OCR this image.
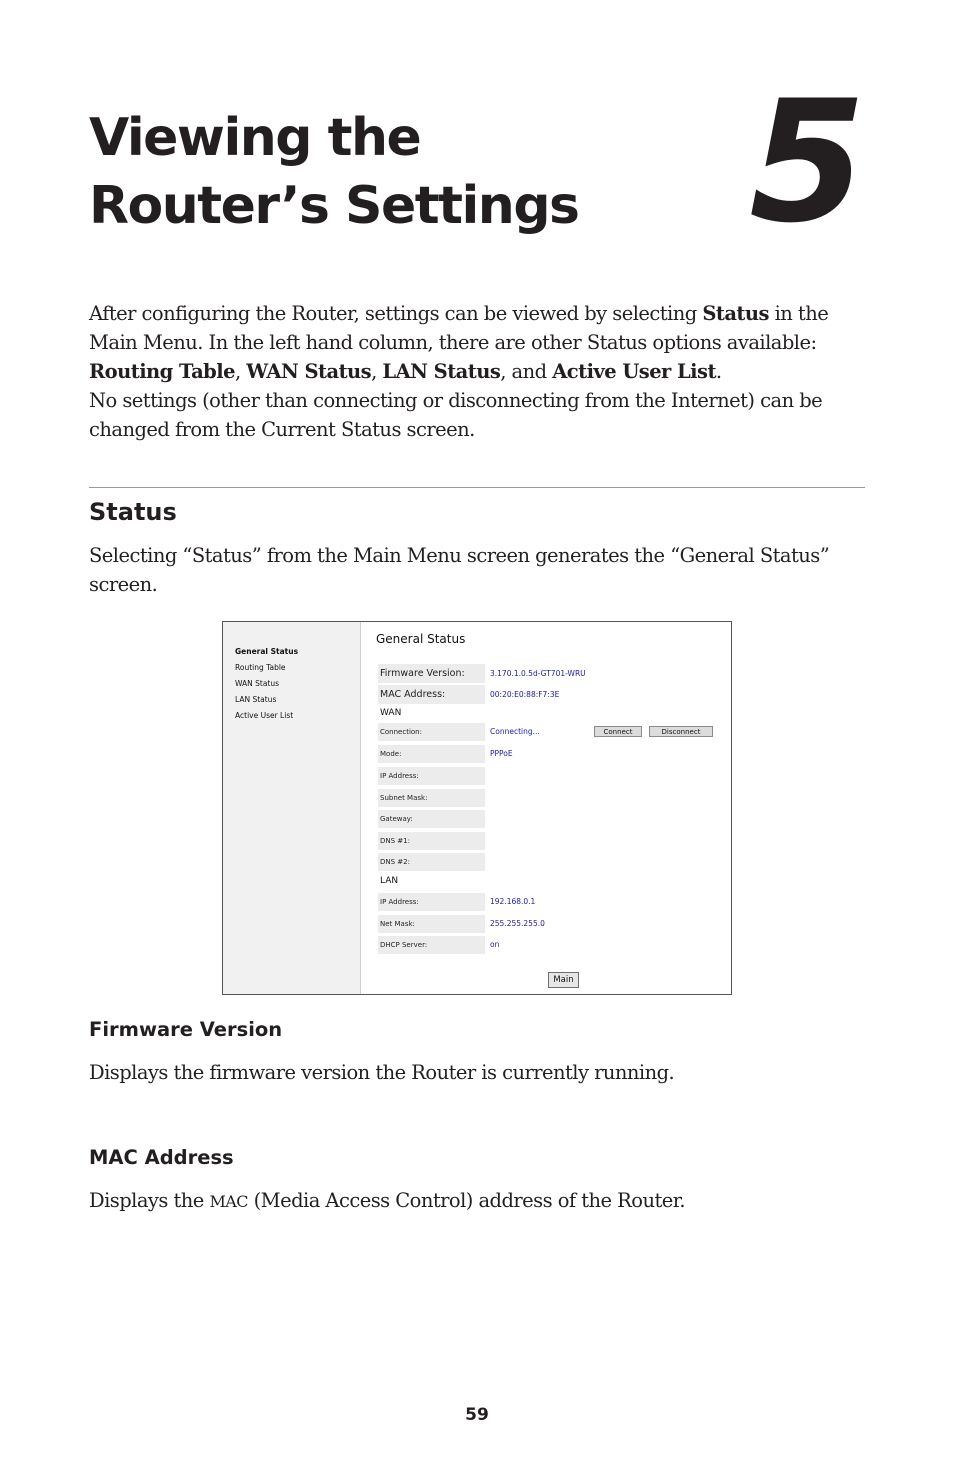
Viewing the
Router’s Settings 5

After configuring the Router, settings can be viewed by selecting Status in the Main Menu. In the left hand column, there are other Status options available: Routing Table, WAN Status, LAN Status, and Active User List.
No settings (other than connecting or disconnecting from the Internet) can be changed from the Current Status screen.

Status

Selecting “Status” from the Main Menu screen generates the “General Status” screen.

General Status
Routing Table
WAN Status
LAN Status
Active User List
General Status
Firmware Version:	3.170.1.0.5d-GT701-WRU
MAC Address:	00:20:E0:88:F7:3E
WAN
Connection:	Connecting...	Connect	Disconnect
Mode:	PPPoE
IP Address:
Subnet Mask:
Gateway:
DNS #1:
DNS #2:
LAN
IP Address:	192.168.0.1
Net Mask:	255.255.255.0
DHCP Server:	on
Main
Firmware Version

Displays the firmware version the Router is currently running.

MAC Address

Displays the MAC (Media Access Control) address of the Router.

59
